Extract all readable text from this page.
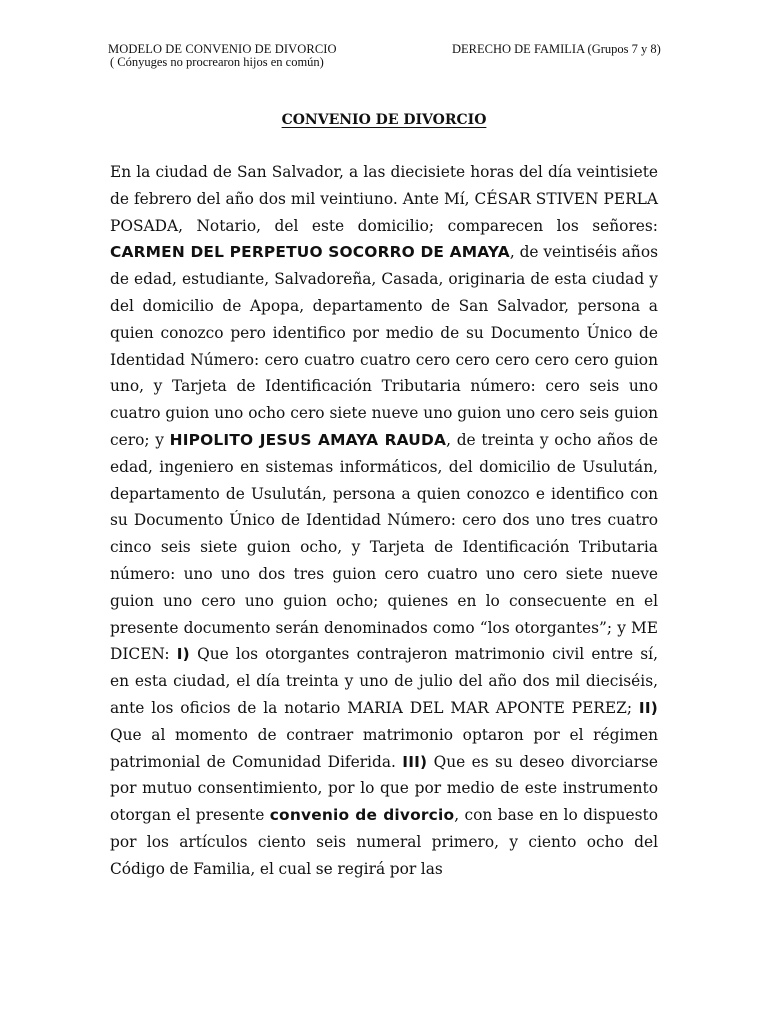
MODELO DE CONVENIO DE DIVORCIO
( Cónyuges no procrearon hijos en común)
DERECHO DE FAMILIA (Grupos 7 y 8)
CONVENIO DE DIVORCIO

En la ciudad de San Salvador, a las diecisiete horas del día veintisiete de febrero del año dos mil veintiuno. Ante Mí, CÉSAR STIVEN PERLA POSADA, Notario, del este domicilio; comparecen los señores: CARMEN DEL PERPETUO SOCORRO DE AMAYA, de veintiséis años de edad, estudiante, Salvadoreña, Casada, originaria de esta ciudad y del domicilio de Apopa, departamento de San Salvador, persona a quien conozco pero identifico por medio de su Documento Único de Identidad Número: cero cuatro cuatro cero cero cero cero cero guion uno, y Tarjeta de Identificación Tributaria número: cero seis uno cuatro guion uno ocho cero siete nueve uno guion uno cero seis guion cero; y HIPOLITO JESUS AMAYA RAUDA, de treinta y ocho años de edad, ingeniero en sistemas informáticos, del domicilio de Usulután, departamento de Usulután, persona a quien conozco e identifico con su Documento Único de Identidad Número: cero dos uno tres cuatro cinco seis siete guion ocho, y Tarjeta de Identificación Tributaria número: uno uno dos tres guion cero cuatro uno cero siete nueve guion uno cero uno guion ocho; quienes en lo consecuente en el presente documento serán denominados como “los otorgantes”; y ME DICEN: I) Que los otorgantes contrajeron matrimonio civil entre sí, en esta ciudad, el día treinta y uno de julio del año dos mil dieciséis, ante los oficios de la notario MARIA DEL MAR APONTE PEREZ; II) Que al momento de contraer matrimonio optaron por el régimen patrimonial de Comunidad Diferida. III) Que es su deseo divorciarse por mutuo consentimiento, por lo que por medio de este instrumento otorgan el presente convenio de divorcio, con base en lo dispuesto por los artículos ciento seis numeral primero, y ciento ocho del Código de Familia, el cual se regirá por las
